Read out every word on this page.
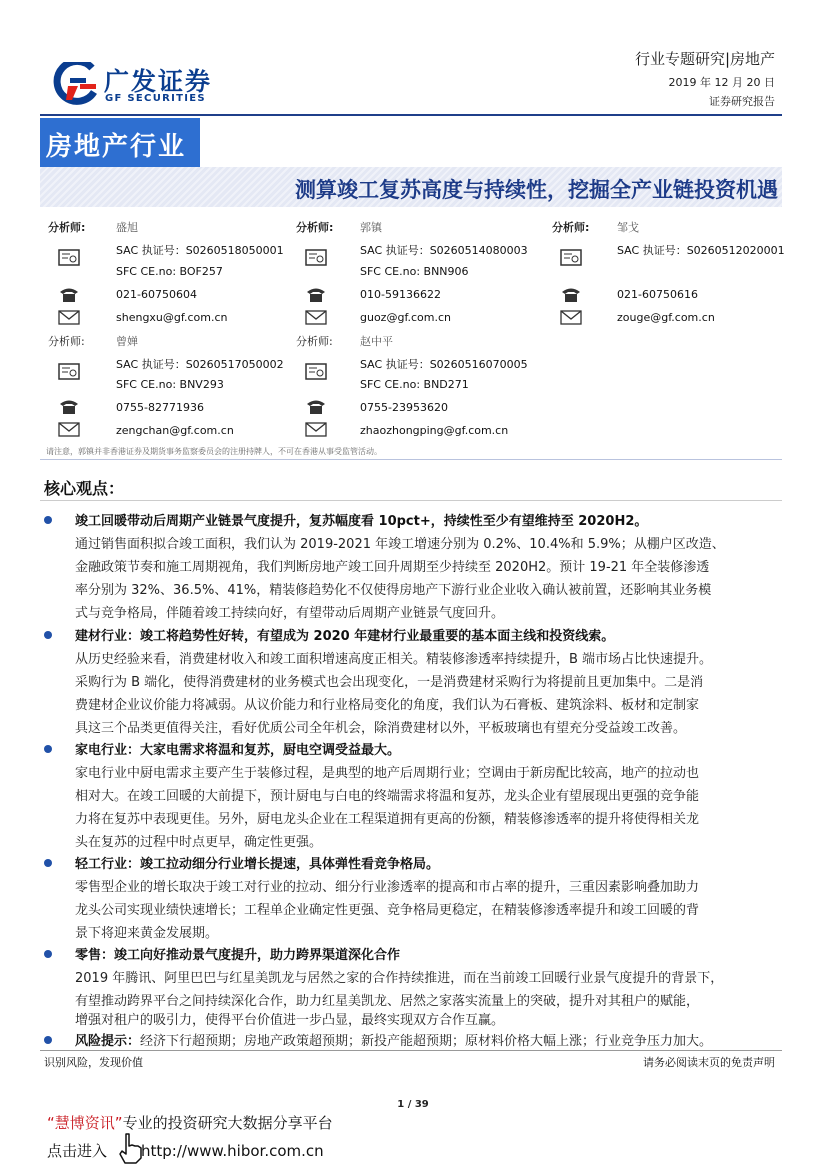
广发证券
GF SECURITIES
行业专题研究|房地产
2019 年 12 月 20 日
证券研究报告
房地产行业
测算竣工复苏高度与持续性，挖掘全产业链投资机遇
分析师:	盛旭
SAC 执证号：S0260518050001
SFC CE.no: BOF257
021-60750604
shengxu@gf.com.cn
分析师: 郭镇
SAC 执证号：S0260514080003
SFC CE.no: BNN906
010-59136622
guoz@gf.com.cn
分析师:	邹戈
SAC 执证号：S0260512020001
021-60750616
zouge@gf.com.cn
分析师:	曾婵
SAC 执证号：S0260517050002
SFC CE.no: BNV293
0755-82771936
zengchan@gf.com.cn
分析师: 赵中平
SAC 执证号：S0260516070005
SFC CE.no: BND271
0755-23953620
zhaozhongping@gf.com.cn
请注意，郭镇并非香港证券及期货事务监察委员会的注册持牌人，不可在香港从事受监管活动。
核心观点：
竣工回暖带动后周期产业链景气度提升，复苏幅度看 10pct+，持续性至少有望维持至 2020H2。
通过销售面积拟合竣工面积，我们认为 2019-2021 年竣工增速分别为 0.2%、10.4%和 5.9%；从棚户区改造、
金融政策节奏和施工周期视角，我们判断房地产竣工回升周期至少持续至 2020H2。预计 19-21 年全装修渗透
率分别为 32%、36.5%、41%，精装修趋势化不仅使得房地产下游行业企业收入确认被前置，还影响其业务模
式与竞争格局，伴随着竣工持续向好，有望带动后周期产业链景气度回升。
建材行业：竣工将趋势性好转，有望成为 2020 年建材行业最重要的基本面主线和投资线索。
从历史经验来看，消费建材收入和竣工面积增速高度正相关。精装修渗透率持续提升，B 端市场占比快速提升。
采购行为 B 端化，使得消费建材的业务模式也会出现变化，一是消费建材采购行为将提前且更加集中。二是消
费建材企业议价能力将减弱。从议价能力和行业格局变化的角度，我们认为石膏板、建筑涂料、板材和定制家
具这三个品类更值得关注，看好优质公司全年机会，除消费建材以外，平板玻璃也有望充分受益竣工改善。
家电行业：大家电需求将温和复苏，厨电空调受益最大。
家电行业中厨电需求主要产生于装修过程，是典型的地产后周期行业；空调由于新房配比较高，地产的拉动也
相对大。在竣工回暖的大前提下，预计厨电与白电的终端需求将温和复苏，龙头企业有望展现出更强的竞争能
力将在复苏中表现更佳。另外，厨电龙头企业在工程渠道拥有更高的份额，精装修渗透率的提升将使得相关龙
头在复苏的过程中时点更早，确定性更强。
轻工行业：竣工拉动细分行业增长提速，具体弹性看竞争格局。
零售型企业的增长取决于竣工对行业的拉动、细分行业渗透率的提高和市占率的提升，三重因素影响叠加助力
龙头公司实现业绩快速增长；工程单企业确定性更强、竞争格局更稳定，在精装修渗透率提升和竣工回暖的背
景下将迎来黄金发展期。
零售：竣工向好推动景气度提升，助力跨界渠道深化合作
2019 年腾讯、阿里巴巴与红星美凯龙与居然之家的合作持续推进，而在当前竣工回暖行业景气度提升的背景下，
有望推动跨界平台之间持续深化合作，助力红星美凯龙、居然之家落实流量上的突破，提升对其租户的赋能，
增强对租户的吸引力，使得平台价值进一步凸显，最终实现双方合作互赢。
风险提示：经济下行超预期；房地产政策超预期；新投产能超预期；原材料价格大幅上涨；行业竞争压力加大。
识别风险，发现价值	请务必阅读末页的免责声明
1 / 39
“慧博资讯”专业的投资研究大数据分享平台
点击进入 http://www.hibor.com.cn
